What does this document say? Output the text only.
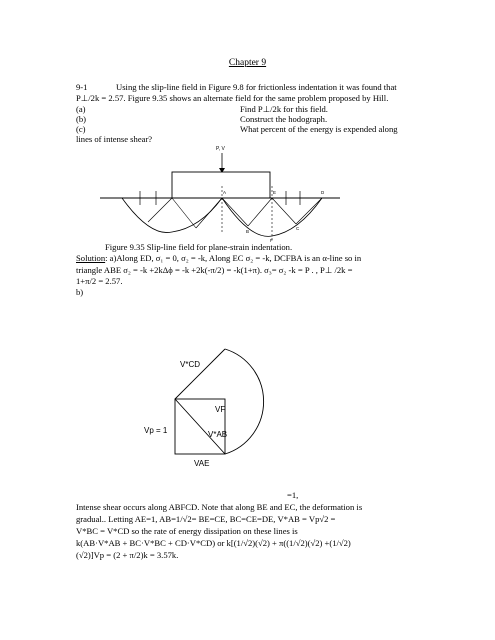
Chapter 9
9-1	Using the slip-line field in Figure 9.8 for frictionless indentation it was found that
P⊥/2k = 2.57. Figure 9.35 shows an alternate field for the same problem proposed by Hill.
(a)	Find P⊥/2k for this field.
(b)	Construct the hodograph.
(c)	What percent of the energy is expended along
lines of intense shear?
P, V
A	E	D
B
C
F
Figure 9.35 Slip-line field for plane-strain indentation.
Solution: a)Along ED, σ₁ = 0, σ₂ = -k, Along EC σ₂ = -k, DCFBA is an α-line so in
triangle ABE σ₂ = -k +2kΔϕ = -k +2k(-π/2) = -k(1+π). σ₃= σ₂ -k = P . , P⊥ /2k =
1+π/2 = 2.57.
b)
V*CD
VF
Vp = 1	V*AB
VAE
=1,
Intense shear occurs along ABFCD. Note that along BE and EC, the deformation is
gradual.. Letting AE=1, AB=1/√2= BE=CE, BC=CE=DE, V*AB = Vp√2 =
V*BC = V*CD so the rate of energy dissipation on these lines is
k(AB·V*AB + BC·V*BC + CD·V*CD) or k[(1/√2)(√2) + π((1/√2)(√2) +(1/√2)
(√2)]Vp = (2 + π/2)k = 3.57k.
